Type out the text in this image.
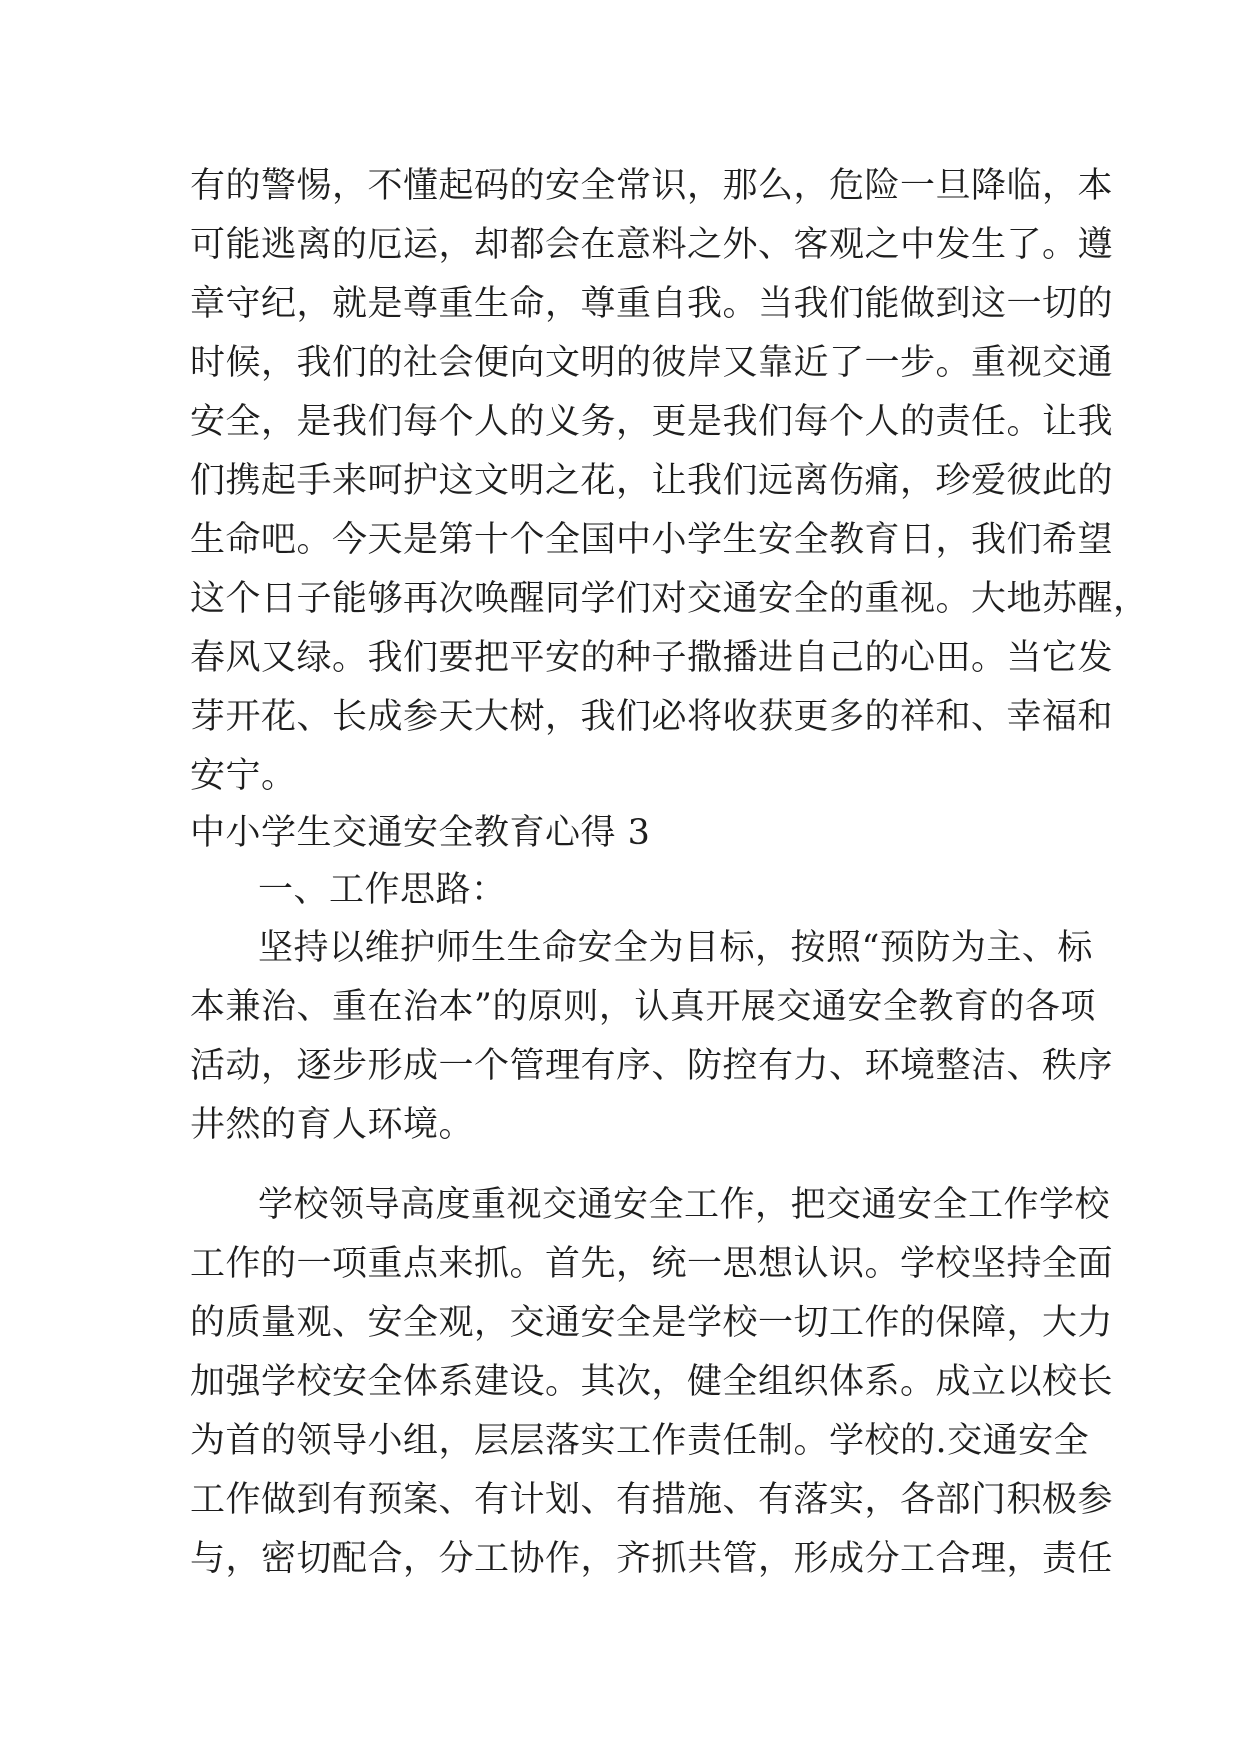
有的警惕，不懂起码的安全常识，那么，危险一旦降临，本
可能逃离的厄运，却都会在意料之外、客观之中发生了。遵
章守纪，就是尊重生命，尊重自我。当我们能做到这一切的
时候，我们的社会便向文明的彼岸又靠近了一步。重视交通
安全，是我们每个人的义务，更是我们每个人的责任。让我
们携起手来呵护这文明之花，让我们远离伤痛，珍爱彼此的
生命吧。今天是第十个全国中小学生安全教育日，我们希望
这个日子能够再次唤醒同学们对交通安全的重视。大地苏醒，
春风又绿。我们要把平安的种子撒播进自己的心田。当它发
芽开花、长成参天大树，我们必将收获更多的祥和、幸福和
安宁。
中小学生交通安全教育心得 3
一、工作思路：
坚持以维护师生生命安全为目标，按照“预防为主、标
本兼治、重在治本”的原则，认真开展交通安全教育的各项
活动，逐步形成一个管理有序、防控有力、环境整洁、秩序
井然的育人环境。
学校领导高度重视交通安全工作，把交通安全工作学校
工作的一项重点来抓。首先，统一思想认识。学校坚持全面
的质量观、安全观，交通安全是学校一切工作的保障，大力
加强学校安全体系建设。其次，健全组织体系。成立以校长
为首的领导小组，层层落实工作责任制。学校的.交通安全
工作做到有预案、有计划、有措施、有落实，各部门积极参
与，密切配合，分工协作，齐抓共管，形成分工合理，责任
